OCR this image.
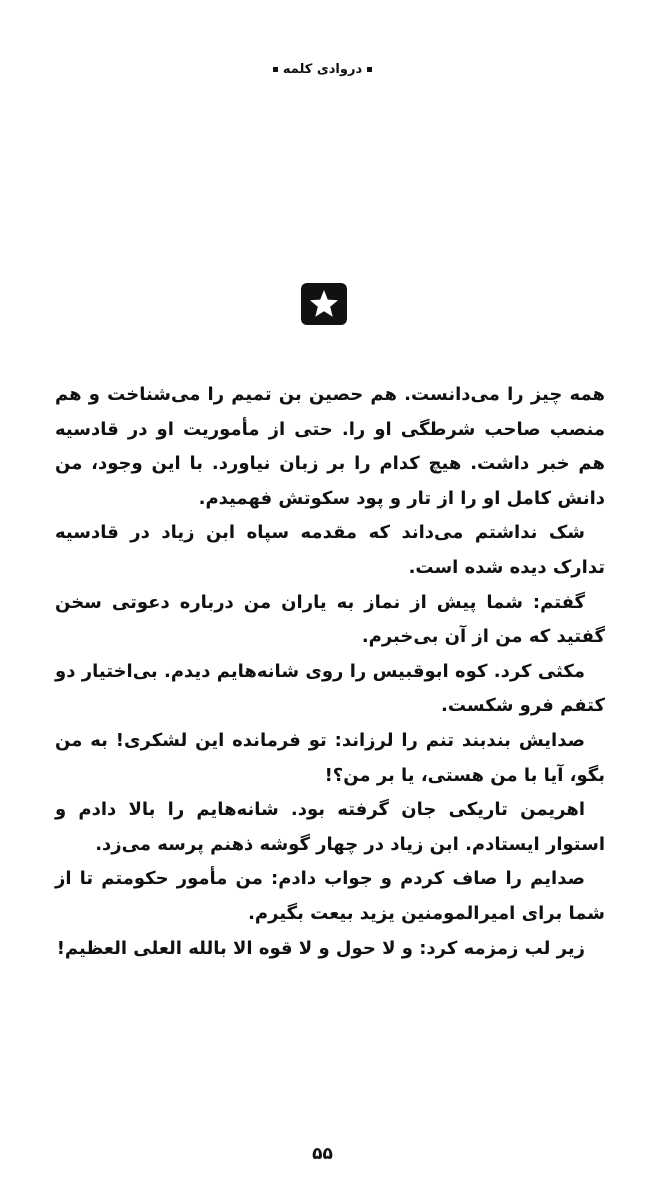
دروادی کلمه

همه چیز را می‌دانست. هم حصین بن تمیم را می‌شناخت و هم منصب صاحب شرطگی او را. حتی از مأموریت او در قادسیه هم خبر داشت. هیچ کدام را بر زبان نیاورد. با این وجود، من دانش کامل او را از تار و پود سکوتش فهمیدم.

شک نداشتم می‌داند که مقدمه سپاه ابن زیاد در قادسیه تدارک دیده شده است.

گفتم: شما پیش از نماز به یاران من درباره دعوتی سخن گفتید که من از آن بی‌خبرم.

مکثی کرد. کوه ابوقبیس را روی شانه‌هایم دیدم. بی‌اختیار دو کتفم فرو شکست.

صدایش بندبند تنم را لرزاند: تو فرمانده این لشکری! به من بگو، آیا با من هستی، یا بر من؟!

اهریمن تاریکی جان گرفته بود. شانه‌هایم را بالا دادم و استوار ایستادم. ابن زیاد در چهار گوشه ذهنم پرسه می‌زد.

صدایم را صاف کردم و جواب دادم: من مأمور حکومتم تا از شما برای امیرالمومنین یزید بیعت بگیرم.

زیر لب زمزمه کرد: و لا حول و لا قوه الا بالله العلی العظیم!

۵۵
